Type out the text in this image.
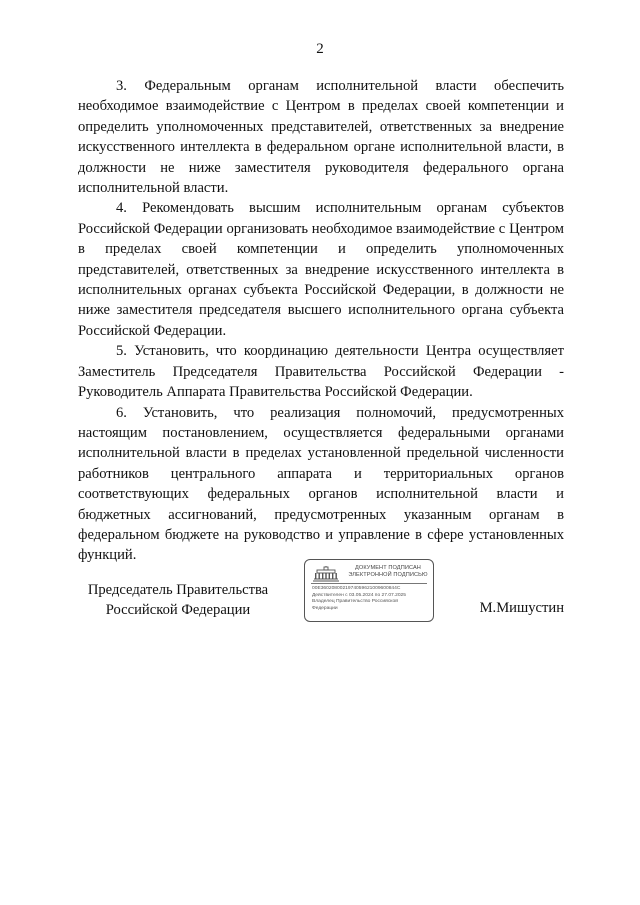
2

3. Федеральным органам исполнительной власти обеспечить необходимое взаимодействие с Центром в пределах своей компетенции и определить уполномоченных представителей, ответственных за внедрение искусственного интеллекта в федеральном органе исполнительной власти, в должности не ниже заместителя руководителя федерального органа исполнительной власти.

4. Рекомендовать высшим исполнительным органам субъектов Российской Федерации организовать необходимое взаимодействие с Центром в пределах своей компетенции и определить уполномоченных представителей, ответственных за внедрение искусственного интеллекта в исполнительных органах субъекта Российской Федерации, в должности не ниже заместителя председателя высшего исполнительного органа субъекта Российской Федерации.

5. Установить, что координацию деятельности Центра осуществляет Заместитель Председателя Правительства Российской Федерации - Руководитель Аппарата Правительства Российской Федерации.

6. Установить, что реализация полномочий, предусмотренных настоящим постановлением, осуществляется федеральными органами исполнительной власти в пределах установленной предельной численности работников центрального аппарата и территориальных органов соответствующих федеральных органов исполнительной власти и бюджетных ассигнований, предусмотренных указанным органам в федеральном бюджете на руководство и управление в сфере установленных функций.

Председатель Правительства
Российской Федерации	М.Мишустин
ДОКУМЕНТ ПОДПИСАН
ЭЛЕКТРОННОЙ ПОДПИСЬЮ
00E3602080021974059621009600844С
Действителен с 03.05.2024 по 27.07.2025
Владелец Правительство Российской
Федерации
